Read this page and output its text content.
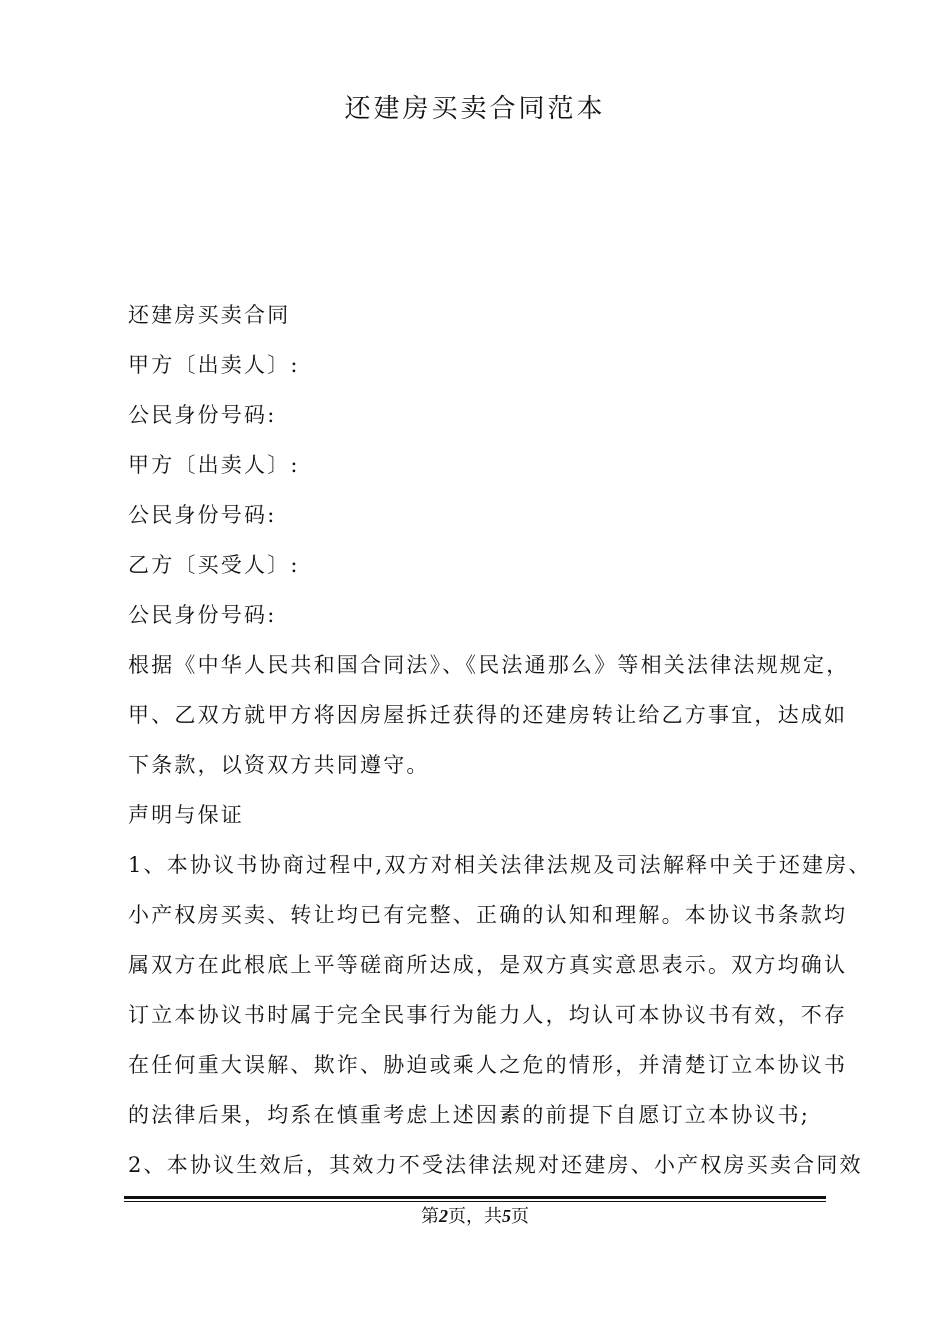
还建房买卖合同范本
还建房买卖合同
甲方〔出卖人〕:
公民身份号码:
甲方〔出卖人〕:
公民身份号码:
乙方〔买受人〕:
公民身份号码:
根据《中华人民共和国合同法》、《民法通那么》等相关法律法规规定，
甲、乙双方就甲方将因房屋拆迁获得的还建房转让给乙方事宜，达成如
下条款，以资双方共同遵守。
声明与保证
1、本协议书协商过程中,双方对相关法律法规及司法解释中关于还建房、
小产权房买卖、转让均已有完整、正确的认知和理解。本协议书条款均
属双方在此根底上平等磋商所达成，是双方真实意思表示。双方均确认
订立本协议书时属于完全民事行为能力人，均认可本协议书有效，不存
在任何重大误解、欺诈、胁迫或乘人之危的情形，并清楚订立本协议书
的法律后果，均系在慎重考虑上述因素的前提下自愿订立本协议书;
2、本协议生效后，其效力不受法律法规对还建房、小产权房买卖合同效
第2页，共5页
